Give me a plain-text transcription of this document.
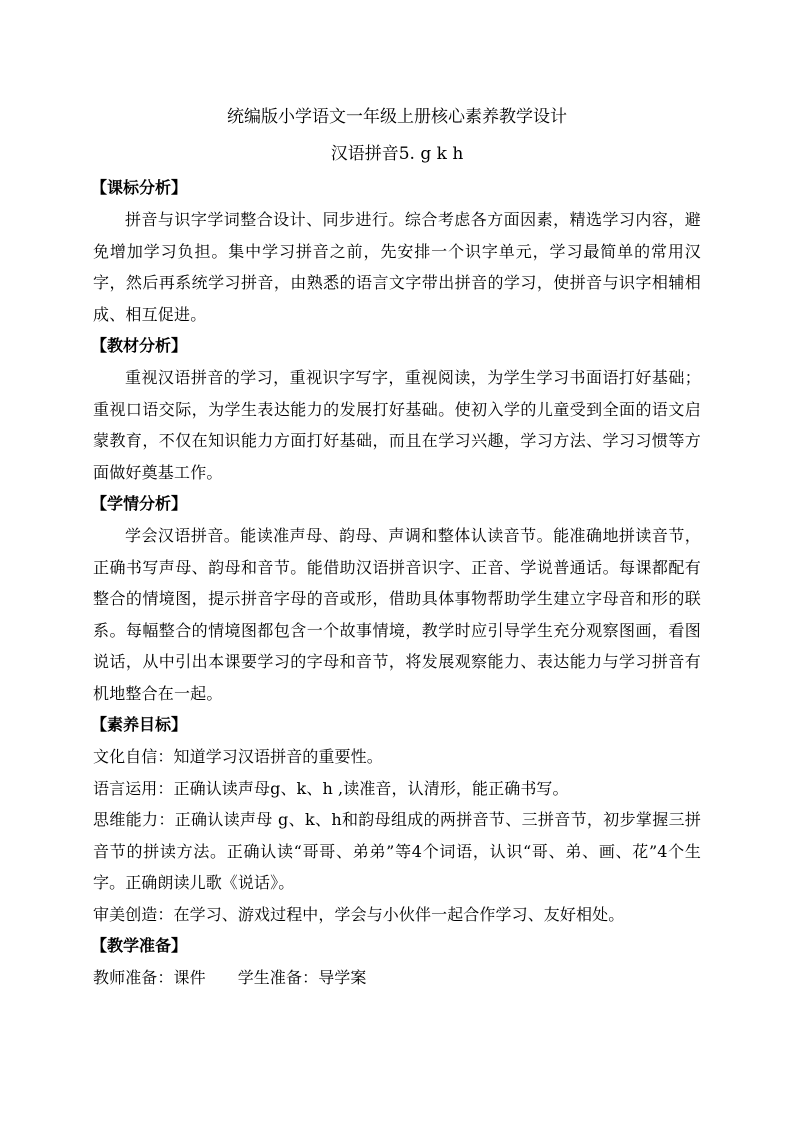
统编版小学语文一年级上册核心素养教学设计
汉语拼音5. g k h

【课标分析】

拼音与识字学词整合设计、同步进行。综合考虑各方面因素，精选学习内容，避免增加学习负担。集中学习拼音之前，先安排一个识字单元，学习最简单的常用汉字，然后再系统学习拼音，由熟悉的语言文字带出拼音的学习，使拼音与识字相辅相成、相互促进。

【教材分析】

重视汉语拼音的学习，重视识字写字，重视阅读，为学生学习书面语打好基础；重视口语交际，为学生表达能力的发展打好基础。使初入学的儿童受到全面的语文启蒙教育，不仅在知识能力方面打好基础，而且在学习兴趣，学习方法、学习习惯等方面做好奠基工作。

【学情分析】

学会汉语拼音。能读准声母、韵母、声调和整体认读音节。能准确地拼读音节，正确书写声母、韵母和音节。能借助汉语拼音识字、正音、学说普通话。每课都配有整合的情境图，提示拼音字母的音或形，借助具体事物帮助学生建立字母音和形的联系。每幅整合的情境图都包含一个故事情境，教学时应引导学生充分观察图画，看图说话，从中引出本课要学习的字母和音节，将发展观察能力、表达能力与学习拼音有机地整合在一起。

【素养目标】

文化自信：知道学习汉语拼音的重要性。

语言运用：正确认读声母g、k、h ,读准音，认清形，能正确书写。

思维能力：正确认读声母 g、k、h和韵母组成的两拼音节、三拼音节，初步掌握三拼音节的拼读方法。正确认读“哥哥、弟弟”等4个词语，认识“哥、弟、画、花”4个生字。正确朗读儿歌《说话》。

审美创造：在学习、游戏过程中，学会与小伙伴一起合作学习、友好相处。

【教学准备】

教师准备：课件 学生准备：导学案
